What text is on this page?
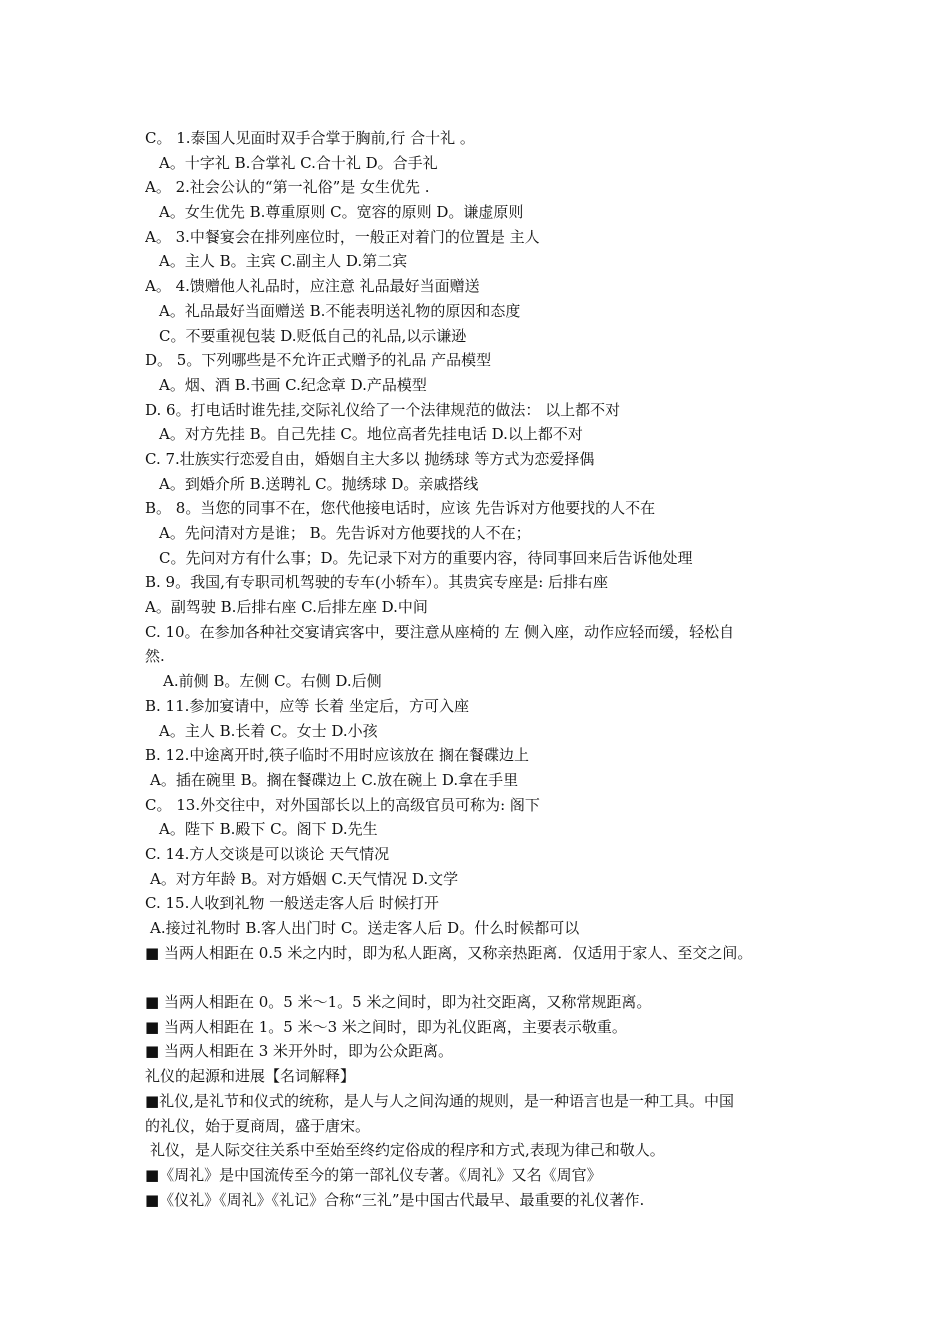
C。 1.泰国人见面时双手合掌于胸前,行 合十礼 。
A。十字礼 B.合掌礼 C.合十礼 D。合手礼
A。 2.社会公认的“第一礼俗”是 女生优先 .
A。女生优先 B.尊重原则 C。宽容的原则 D。谦虚原则
A。 3.中餐宴会在排列座位时，一般正对着门的位置是 主人
A。主人 B。主宾 C.副主人 D.第二宾
A。 4.馈赠他人礼品时，应注意 礼品最好当面赠送
A。礼品最好当面赠送 B.不能表明送礼物的原因和态度
C。不要重视包装 D.贬低自己的礼品,以示谦逊
D。 5。下列哪些是不允许正式赠予的礼品 产品模型
A。烟、酒 B.书画 C.纪念章 D.产品模型
D. 6。打电话时谁先挂,交际礼仪给了一个法律规范的做法： 以上都不对
A。对方先挂 B。自己先挂 C。地位高者先挂电话 D.以上都不对
C. 7.壮族实行恋爱自由，婚姻自主大多以 抛绣球 等方式为恋爱择偶
A。到婚介所 B.送聘礼 C。抛绣球 D。亲戚搭线
B。 8。当您的同事不在，您代他接电话时，应该 先告诉对方他要找的人不在
A。先问清对方是谁； B。先告诉对方他要找的人不在；
C。先问对方有什么事；D。先记录下对方的重要内容，待同事回来后告诉他处理
B. 9。我国,有专职司机驾驶的专车(小轿车）。其贵宾专座是: 后排右座
A。副驾驶 B.后排右座 C.后排左座 D.中间
C. 10。在参加各种社交宴请宾客中，要注意从座椅的 左 侧入座，动作应轻而缓，轻松自
然.
A.前侧 B。左侧 C。右侧 D.后侧
B. 11.参加宴请中，应等 长着 坐定后，方可入座
A。主人 B.长着 C。女士 D.小孩
B. 12.中途离开时,筷子临时不用时应该放在 搁在餐碟边上
A。插在碗里 B。搁在餐碟边上 C.放在碗上 D.拿在手里
C。 13.外交往中，对外国部长以上的高级官员可称为: 阁下
A。陛下 B.殿下 C。阁下 D.先生
C. 14.方人交谈是可以谈论 天气情况
A。对方年龄 B。对方婚姻 C.天气情况 D.文学
C. 15.人收到礼物 一般送走客人后 时候打开
A.接过礼物时 B.客人出门时 C。送走客人后 D。什么时候都可以
■ 当两人相距在 0.5 米之内时，即为私人距离，又称亲热距离．仅适用于家人、至交之间。
■ 当两人相距在 0。5 米～1。5 米之间时，即为社交距离，又称常规距离。
■ 当两人相距在 1。5 米～3 米之间时，即为礼仪距离，主要表示敬重。
■ 当两人相距在 3 米开外时，即为公众距离。
礼仪的起源和进展【名词解释】
■礼仪,是礼节和仪式的统称，是人与人之间沟通的规则，是一种语言也是一种工具。中国
的礼仪，始于夏商周，盛于唐宋。
礼仪，是人际交往关系中至始至终约定俗成的程序和方式,表现为律己和敬人。
■《周礼》是中国流传至今的第一部礼仪专著。《周礼》又名《周官》
■《仪礼》《周礼》《礼记》合称“三礼”是中国古代最早、最重要的礼仪著作.
